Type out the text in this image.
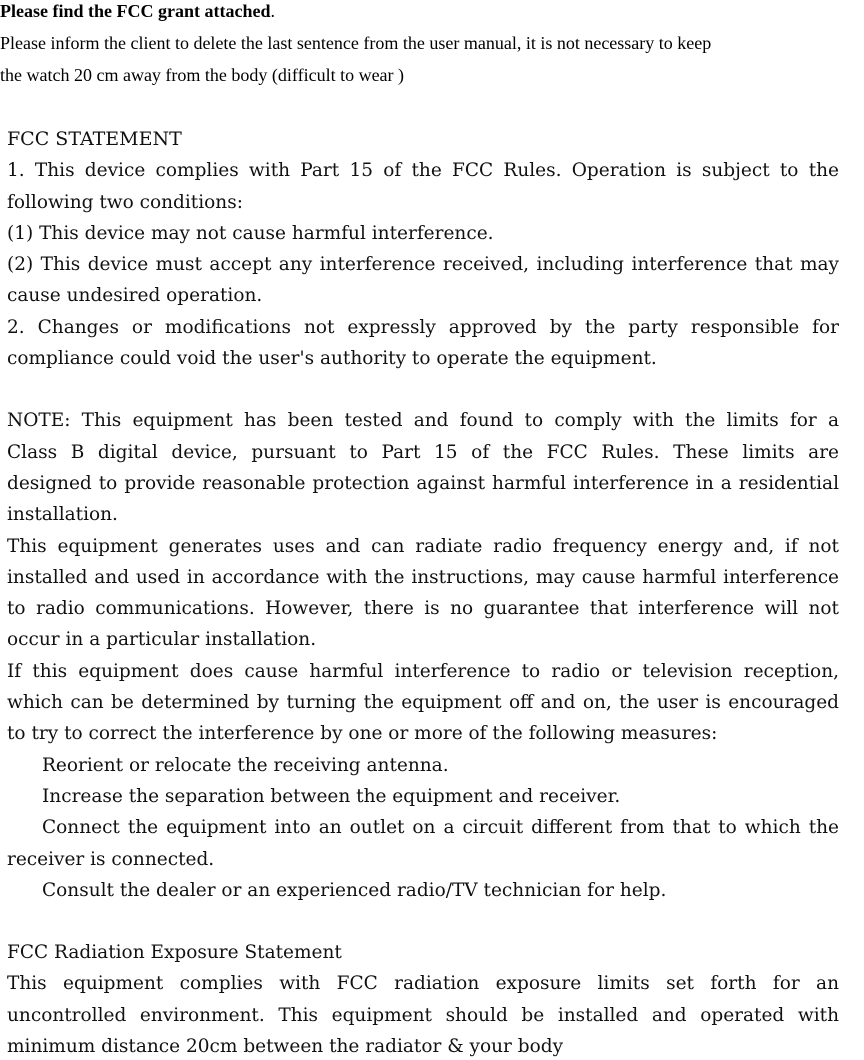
Please find the FCC grant attached.

Please inform the client to delete the last sentence from the user manual, it is not necessary to keep

the watch 20 cm away from the body (difficult to wear )

FCC STATEMENT

1. This device complies with Part 15 of the FCC Rules. Operation is subject to the

following two conditions:

(1) This device may not cause harmful interference.

(2) This device must accept any interference received, including interference that may

cause undesired operation.

2. Changes or modifications not expressly approved by the party responsible for

compliance could void the user's authority to operate the equipment.

NOTE: This equipment has been tested and found to comply with the limits for a

Class B digital device, pursuant to Part 15 of the FCC Rules. These limits are

designed to provide reasonable protection against harmful interference in a residential

installation.

This equipment generates uses and can radiate radio frequency energy and, if not

installed and used in accordance with the instructions, may cause harmful interference

to radio communications. However, there is no guarantee that interference will not

occur in a particular installation.

If this equipment does cause harmful interference to radio or television reception,

which can be determined by turning the equipment off and on, the user is encouraged

to try to correct the interference by one or more of the following measures:

Reorient or relocate the receiving antenna.

Increase the separation between the equipment and receiver.

Connect the equipment into an outlet on a circuit different from that to which the

receiver is connected.

Consult the dealer or an experienced radio/TV technician for help.

FCC Radiation Exposure Statement

This equipment complies with FCC radiation exposure limits set forth for an

uncontrolled environment. This equipment should be installed and operated with

minimum distance 20cm between the radiator & your body
